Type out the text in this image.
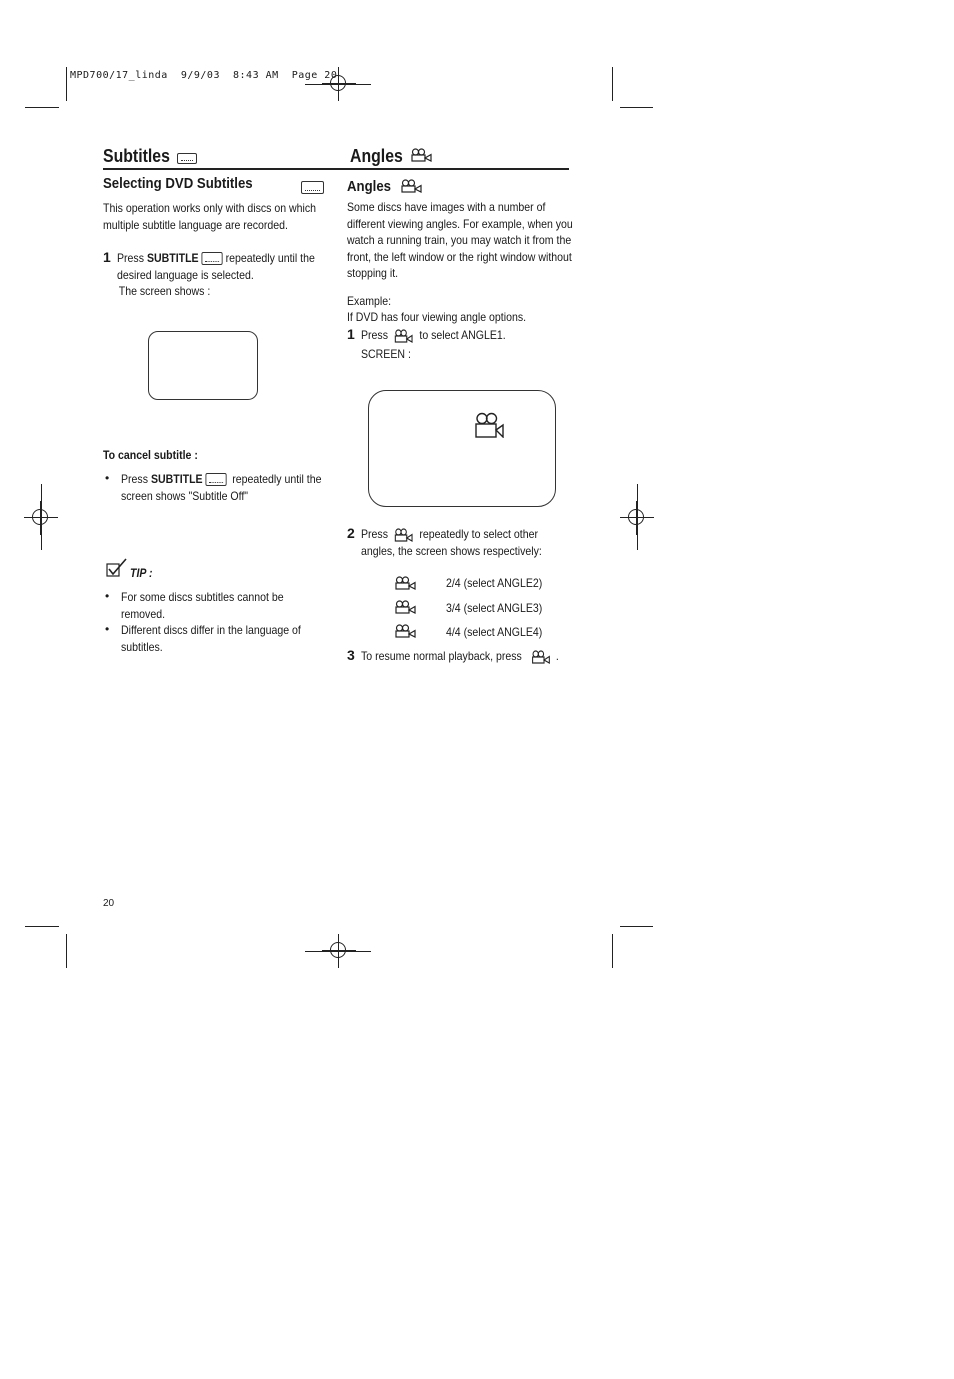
MPD700/17_linda  9/9/03  8:43 AM  Page 20
Subtitles
	Angles
Selecting DVD Subtitles
This operation works only with discs on which multiple subtitle language are recorded.
1 Press SUBTITLE repeatedly until the
desired language is selected.
The screen shows :
To cancel subtitle :
• Press SUBTITLE repeatedly until the
screen shows "Subtitle Off"
TIP :
• For some discs subtitles cannot be removed.
• Different discs differ in the language of subtitles.
Angles
Some discs have images with a number of different viewing angles. For example, when you watch a running train, you may watch it from the front, the left window or the right window without stopping it.
Example:
If DVD has four viewing angle options.
1 Press	to select ANGLE1.
SCREEN :
2 Press	repeatedly to select other
angles, the screen shows respectively:
2/4 (select ANGLE2)
3/4 (select ANGLE3)
4/4 (select ANGLE4)
3 To resume normal playback, press	.
20
